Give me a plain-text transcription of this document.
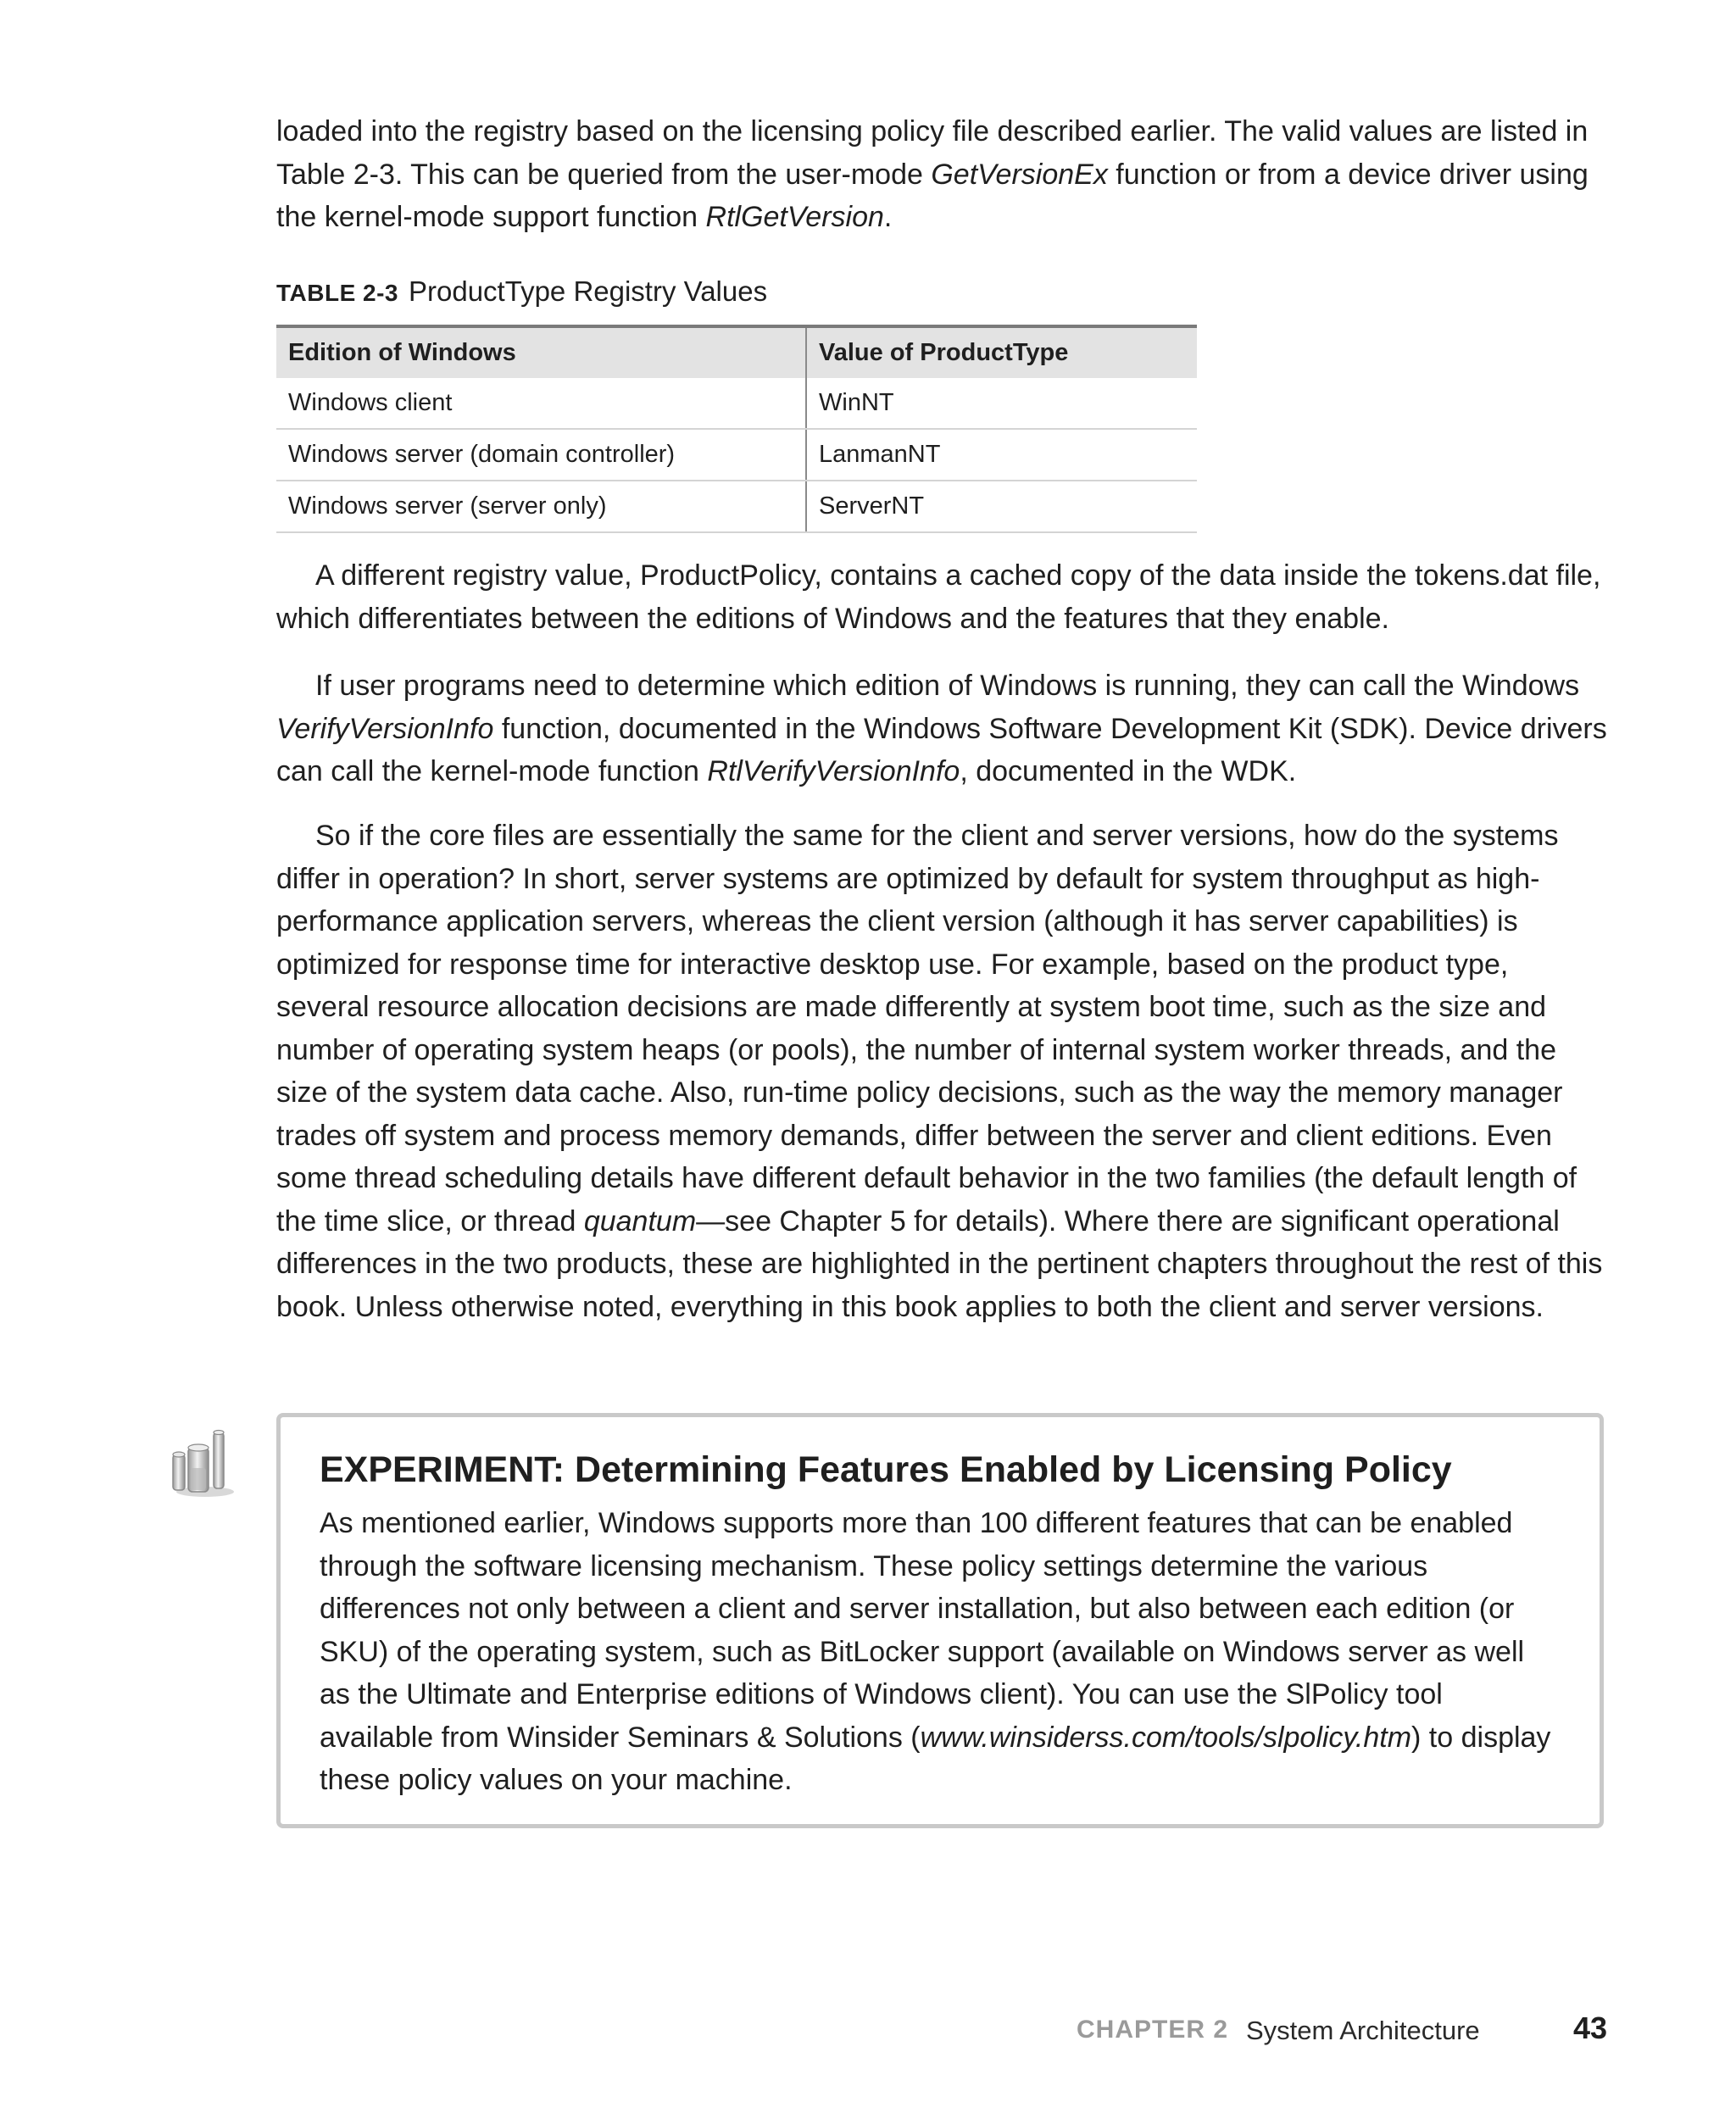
loaded into the registry based on the licensing policy file described earlier. The valid values are listed in Table 2-3. This can be queried from the user-mode GetVersionEx function or from a device driver using the kernel-mode support function RtlGetVersion.

TABLE 2-3 ProductType Registry Values

Edition of Windows	Value of ProductType
Windows client	WinNT
Windows server (domain controller)	LanmanNT
Windows server (server only)	ServerNT

A different registry value, ProductPolicy, contains a cached copy of the data inside the tokens.dat file, which differentiates between the editions of Windows and the features that they enable.

If user programs need to determine which edition of Windows is running, they can call the Windows VerifyVersionInfo function, documented in the Windows Software Development Kit (SDK). Device drivers can call the kernel-mode function RtlVerifyVersionInfo, documented in the WDK.

So if the core files are essentially the same for the client and server versions, how do the systems differ in operation? In short, server systems are optimized by default for system throughput as high-performance application servers, whereas the client version (although it has server capabilities) is optimized for response time for interactive desktop use. For example, based on the product type, several resource allocation decisions are made differently at system boot time, such as the size and number of operating system heaps (or pools), the number of internal system worker threads, and the size of the system data cache. Also, run-time policy decisions, such as the way the memory manager trades off system and process memory demands, differ between the server and client editions. Even some thread scheduling details have different default behavior in the two families (the default length of the time slice, or thread quantum—see Chapter 5 for details). Where there are significant operational differences in the two products, these are highlighted in the pertinent chapters throughout the rest of this book. Unless otherwise noted, everything in this book applies to both the client and server versions.

EXPERIMENT: Determining Features Enabled by Licensing Policy

As mentioned earlier, Windows supports more than 100 different features that can be enabled through the software licensing mechanism. These policy settings determine the various differences not only between a client and server installation, but also between each edition (or SKU) of the operating system, such as BitLocker support (available on Windows server as well as the Ultimate and Enterprise editions of Windows client). You can use the SlPolicy tool available from Winsider Seminars & Solutions (www.winsiderss.com/tools/slpolicy.htm) to display these policy values on your machine.

CHAPTER 2 System Architecture	43
